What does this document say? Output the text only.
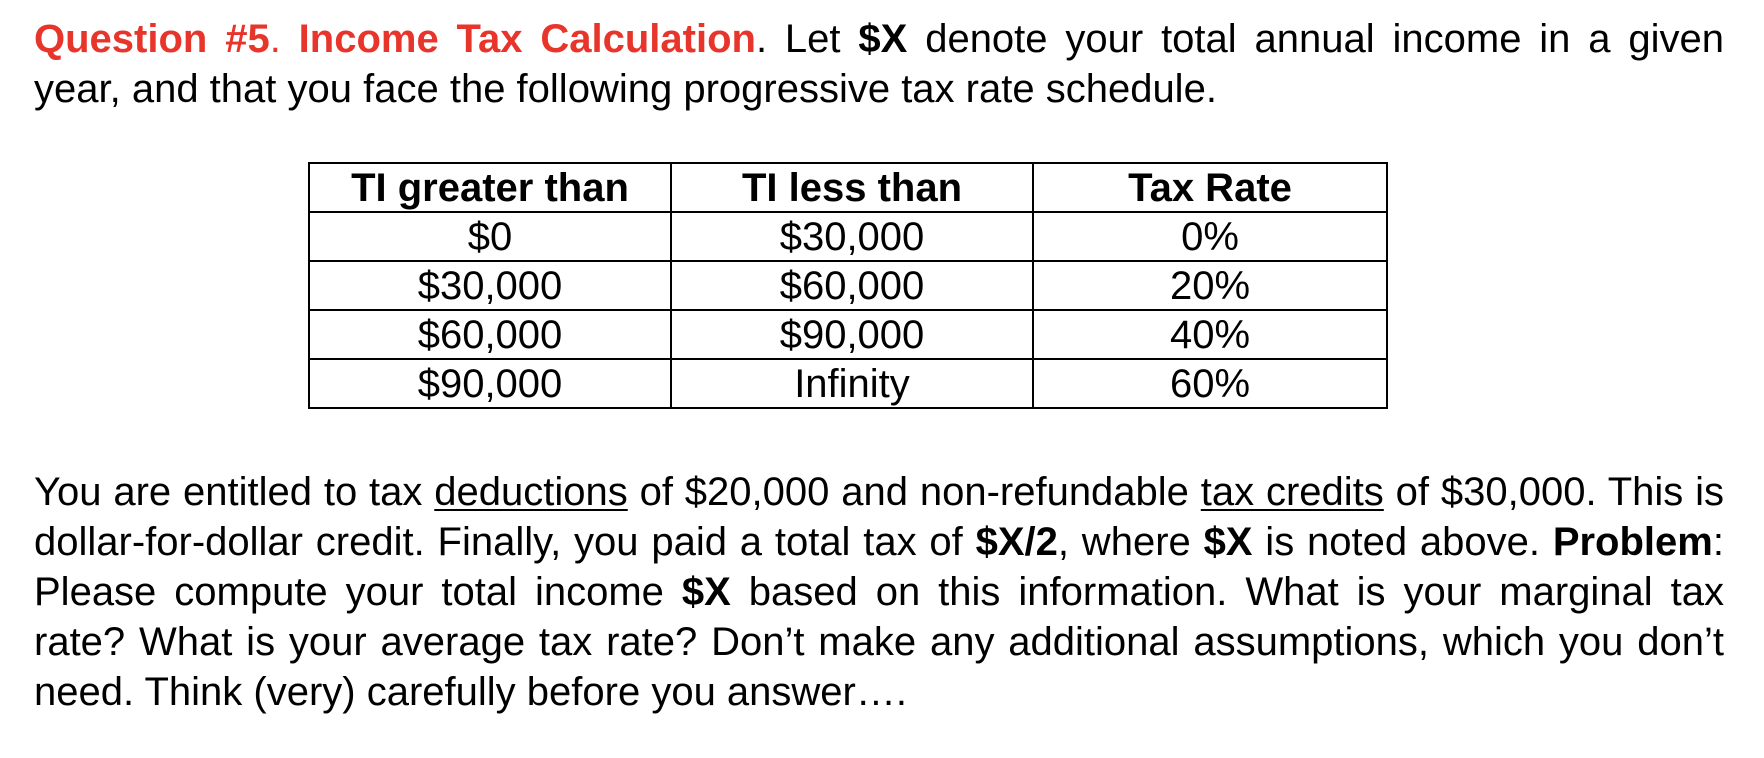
Question #5. Income Tax Calculation. Let $X denote your total annual income in a given year, and that you face the following progressive tax rate schedule.
TI greater than	TI less than	Tax Rate
$0	$30,000	0%
$30,000	$60,000	20%
$60,000	$90,000	40%
$90,000	Infinity	60%
You are entitled to tax deductions of $20,000 and non-refundable tax credits of $30,000. This is dollar-for-dollar credit. Finally, you paid a total tax of $X/2, where $X is noted above. Problem: Please compute your total income $X based on this information. What is your marginal tax rate? What is your average tax rate? Don’t make any additional assumptions, which you don’t need. Think (very) carefully before you answer….
